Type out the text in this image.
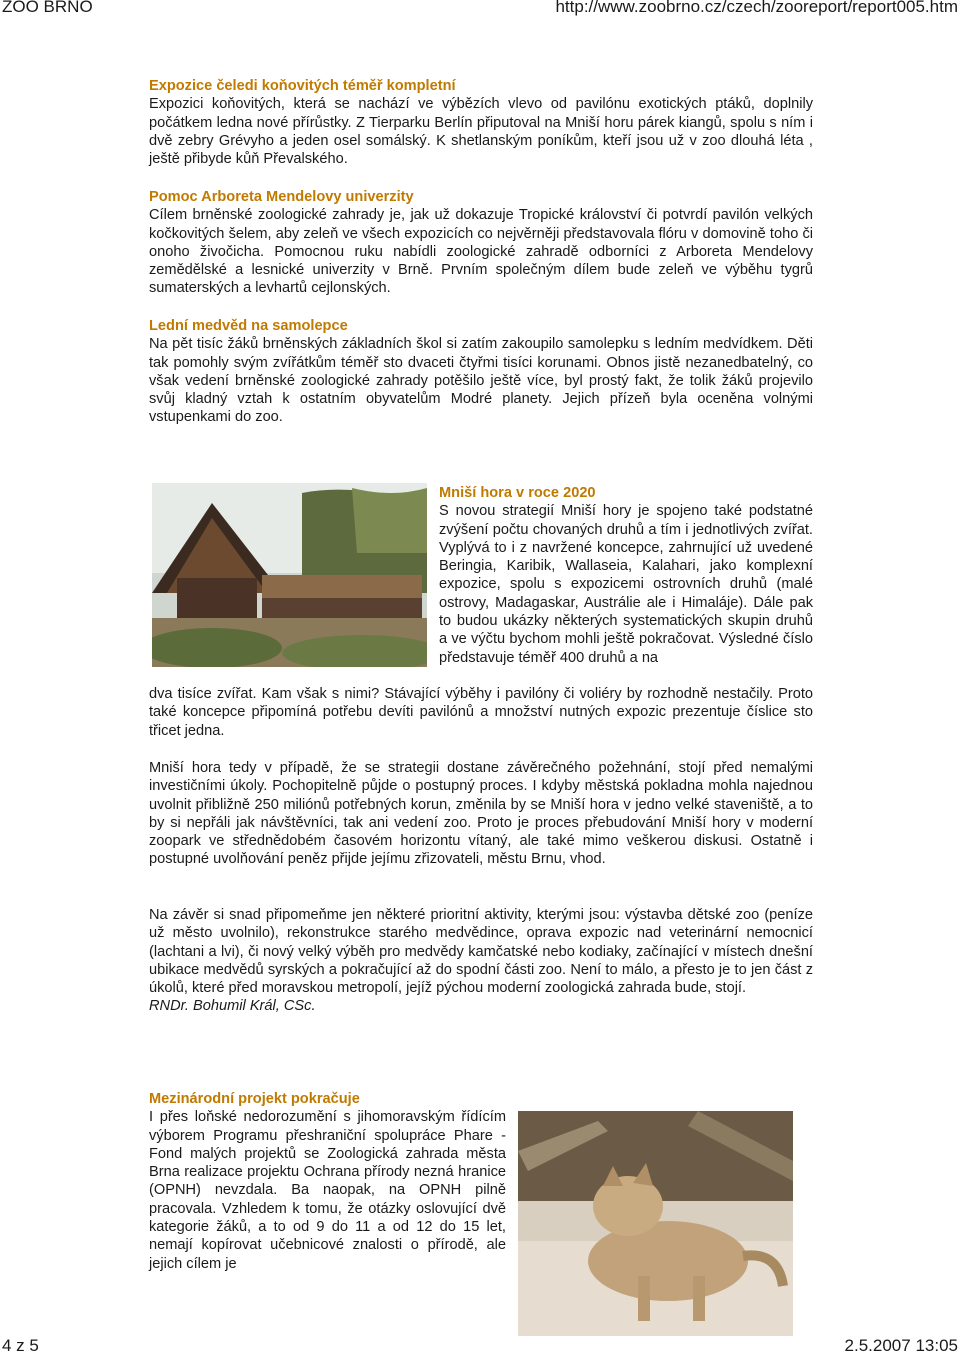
ZOO BRNO	http://www.zoobrno.cz/czech/zooreport/report005.htm

Expozice čeledi koňovitých téměř kompletní

Expozici koňovitých, která se nachází ve výbězích vlevo od pavilónu exotických ptáků, doplnily počátkem ledna nové přírůstky. Z Tierparku Berlín připutoval na Mniší horu párek kiangů, spolu s ním i dvě zebry Grévyho a jeden osel somálský. K shetlanským poníkům, kteří jsou už v zoo dlouhá léta , ještě přibyde kůň Převalského.

Pomoc Arboreta Mendelovy univerzity

Cílem brněnské zoologické zahrady je, jak už dokazuje Tropické království či potvrdí pavilón velkých kočkovitých šelem, aby zeleň ve všech expozicích co nejvěrněji představovala flóru v domovině toho či onoho živočicha. Pomocnou ruku nabídli zoologické zahradě odborníci z Arboreta Mendelovy zemědělské a lesnické univerzity v Brně. Prvním společným dílem bude zeleň ve výběhu tygrů sumaterských a levhartů cejlonských.

Lední medvěd na samolepce

Na pět tisíc žáků brněnských základních škol si zatím zakoupilo samolepku s ledním medvídkem. Děti tak pomohly svým zvířátkům téměř sto dvaceti čtyřmi tisíci korunami. Obnos jistě nezanedbatelný, co však vedení brněnské zoologické zahrady potěšilo ještě více, byl prostý fakt, že tolik žáků projevilo svůj kladný vztah k ostatním obyvatelům Modré planety. Jejich přízeň byla oceněna volnými vstupenkami do zoo.

Mniší hora v roce 2020

S novou strategií Mniší hory je spojeno také podstatné zvýšení počtu chovaných druhů a tím i jednotlivých zvířat. Vyplývá to i z navržené koncepce, zahrnující už uvedené Beringia, Karibik, Wallaseia, Kalahari, jako komplexní expozice, spolu s expozicemi ostrovních druhů (malé ostrovy, Madagaskar, Austrálie ale i Himaláje). Dále pak to budou ukázky některých systematických skupin druhů a ve výčtu bychom mohli ještě pokračovat. Výsledné číslo představuje téměř 400 druhů a na

dva tisíce zvířat. Kam však s nimi? Stávající výběhy i pavilóny či voliéry by rozhodně nestačily. Proto také koncepce připomíná potřebu devíti pavilónů a množství nutných expozic prezentuje číslice sto třicet jedna.

Mniší hora tedy v případě, že se strategii dostane závěrečného požehnání, stojí před nemalými investičními úkoly. Pochopitelně půjde o postupný proces. I kdyby městská pokladna mohla najednou uvolnit přibližně 250 miliónů potřebných korun, změnila by se Mniší hora v jedno velké staveniště, a to by si nepřáli jak návštěvníci, tak ani vedení zoo. Proto je proces přebudování Mniší hory v moderní zoopark ve střednědobém časovém horizontu vítaný, ale také mimo veškerou diskusi. Ostatně i postupné uvolňování peněz přijde jejímu zřizovateli, městu Brnu, vhod.

Na závěr si snad připomeňme jen některé prioritní aktivity, kterými jsou: výstavba dětské zoo (peníze už město uvolnilo), rekonstrukce starého medvědince, oprava expozic nad veterinární nemocnicí (lachtani a lvi), či nový velký výběh pro medvědy kamčatské nebo kodiaky, začínající v místech dnešní ubikace medvědů syrských a pokračující až do spodní části zoo. Není to málo, a přesto je to jen část z úkolů, které před moravskou metropolí, jejíž pýchou moderní zoologická zahrada bude, stojí.

RNDr. Bohumil Král, CSc.

Mezinárodní projekt pokračuje

I přes loňské nedorozumění s jihomoravským řídícím výborem Programu přeshraniční spolupráce Phare - Fond malých projektů se Zoologická zahrada města Brna realizace projektu Ochrana přírody nezná hranice (OPNH) nevzdala. Ba naopak, na OPNH pilně pracovala. Vzhledem k tomu, že otázky oslovující dvě kategorie žáků, a to od 9 do 11 a od 12 do 15 let, nemají kopírovat učebnicové znalosti o přírodě, ale jejich cílem je

4 z 5	2.5.2007 13:05
